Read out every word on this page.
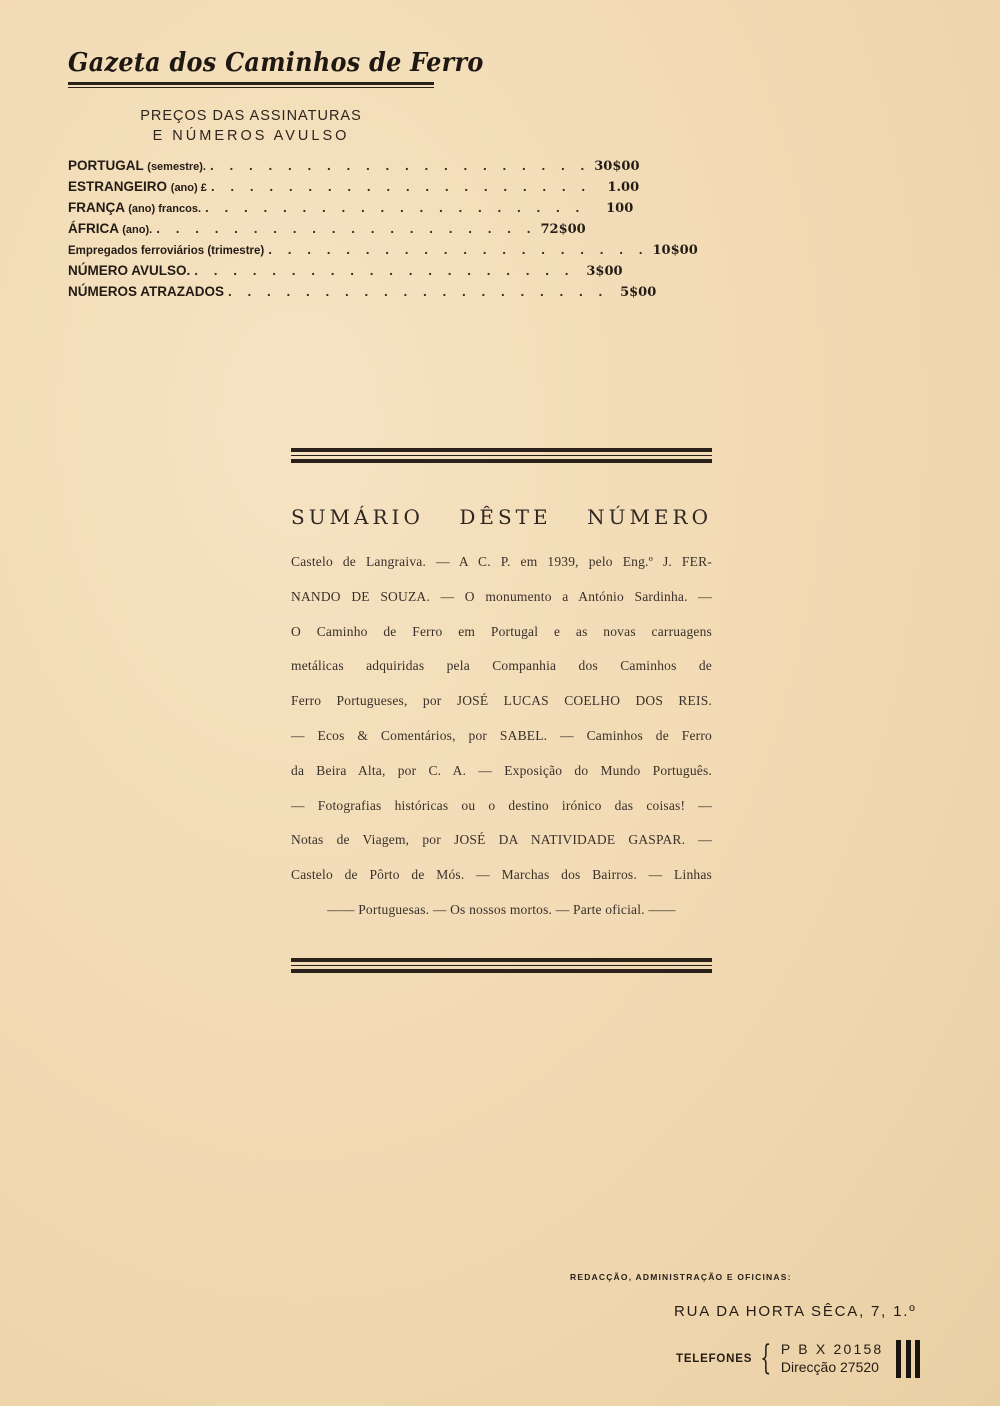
Gazeta dos Caminhos de Ferro
PREÇOS DAS ASSINATURAS
E NÚMEROS AVULSO
PORTUGAL (semestre). . . . . . . . . . . . . . . . . . . . . 30$00
ESTRANGEIRO (ano) £ . . . . . . . . . . . . . . . . . . . .	1.00
FRANÇA (ano) francos. . . . . . . . . . . . . . . . . . . . .	100
ÁFRICA (ano). . . . . . . . . . . . . . . . . . . . . 72$00
Empregados ferroviários (trimestre) . . . . . . . . . . . . . . . . . . . . 10$00
NÚMERO AVULSO. . . . . . . . . . . . . . . . . . . . . 3$00
NÚMEROS ATRAZADOS . . . . . . . . . . . . . . . . . . . . 5$00
SUMÁRIO DÊSTE NÚMERO
Castelo de Langraiva. — A C. P. em 1939, pelo Eng.º J. FER-
NANDO DE SOUZA. — O monumento a António Sardinha. —
O Caminho de Ferro em Portugal e as novas carruagens
metálicas adquiridas pela Companhia dos Caminhos de
Ferro Portugueses, por JOSÉ LUCAS COELHO DOS REIS.
— Ecos & Comentários, por SABEL. — Caminhos de Ferro
da Beira Alta, por C. A. — Exposição do Mundo Português.
— Fotografias históricas ou o destino irónico das coisas! —
Notas de Viagem, por JOSÉ DA NATIVIDADE GASPAR. —
Castelo de Pôrto de Mós. — Marchas dos Bairros. — Linhas
—— Portuguesas. — Os nossos mortos. — Parte oficial. ——
REDACÇÃO, ADMINISTRAÇÃO E OFICINAS:
RUA DA HORTA SÊCA, 7, 1.º
TELEFONES { P B X 20158
Direcção 27520
